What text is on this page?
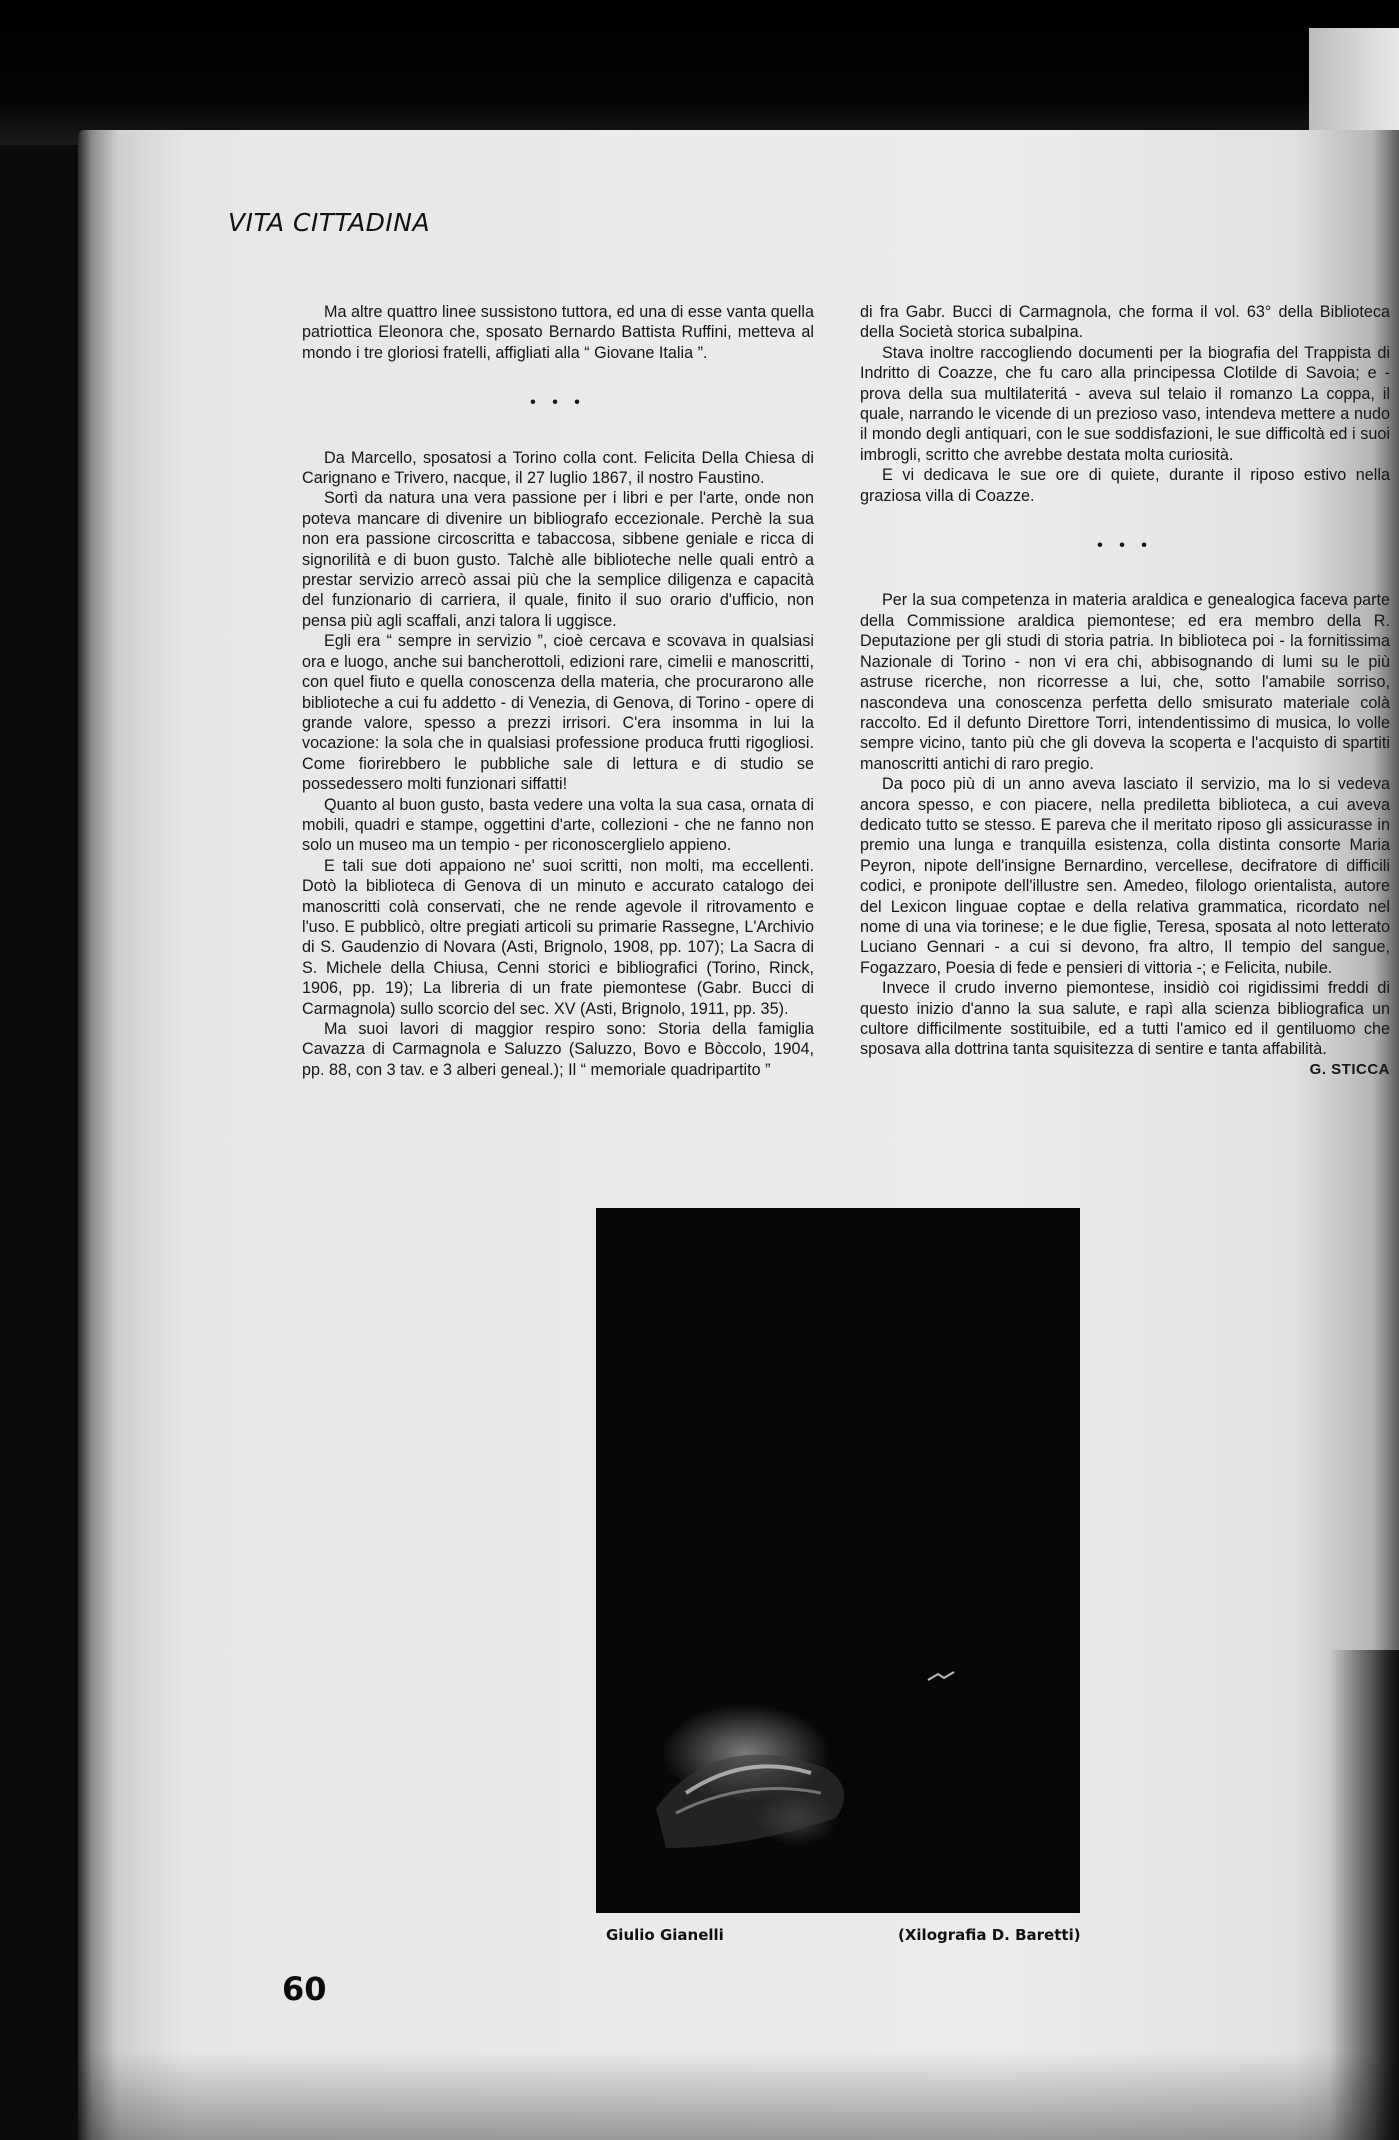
VITA CITTADINA

Ma altre quattro linee sussistono tuttora, ed una di esse vanta quella patriottica Eleonora che, sposato Bernardo Battista Ruffini, metteva al mondo i tre gloriosi fratelli, affigliati alla “ Giovane Italia ”.

• • •

Da Marcello, sposatosi a Torino colla cont. Felicita Della Chiesa di Carignano e Trivero, nacque, il 27 luglio 1867, il nostro Faustino.

Sortì da natura una vera passione per i libri e per l'arte, onde non poteva mancare di divenire un bibliografo eccezionale. Perchè la sua non era passione circoscritta e tabaccosa, sibbene geniale e ricca di signorilità e di buon gusto. Talchè alle biblioteche nelle quali entrò a prestar servizio arrecò assai più che la semplice diligenza e capacità del funzionario di carriera, il quale, finito il suo orario d'ufficio, non pensa più agli scaffali, anzi talora li uggisce.

Egli era “ sempre in servizio ”, cioè cercava e scovava in qualsiasi ora e luogo, anche sui bancherottoli, edizioni rare, cimelii e manoscritti, con quel fiuto e quella conoscenza della materia, che procurarono alle biblioteche a cui fu addetto - di Venezia, di Genova, di Torino - opere di grande valore, spesso a prezzi irrisori. C'era insomma in lui la vocazione: la sola che in qualsiasi professione produca frutti rigogliosi. Come fiorirebbero le pubbliche sale di lettura e di studio se possedessero molti funzionari siffatti!

Quanto al buon gusto, basta vedere una volta la sua casa, ornata di mobili, quadri e stampe, oggettini d'arte, collezioni - che ne fanno non solo un museo ma un tempio - per riconoscerglielo appieno.

E tali sue doti appaiono ne' suoi scritti, non molti, ma eccellenti. Dotò la biblioteca di Genova di un minuto e accurato catalogo dei manoscritti colà conservati, che ne rende agevole il ritrovamento e l'uso. E pubblicò, oltre pregiati articoli su primarie Rassegne, L'Archivio di S. Gaudenzio di Novara (Asti, Brignolo, 1908, pp. 107); La Sacra di S. Michele della Chiusa, Cenni storici e bibliografici (Torino, Rinck, 1906, pp. 19); La libreria di un frate piemontese (Gabr. Bucci di Carmagnola) sullo scorcio del sec. XV (Asti, Brignolo, 1911, pp. 35).

Ma suoi lavori di maggior respiro sono: Storia della famiglia Cavazza di Carmagnola e Saluzzo (Saluzzo, Bovo e Bòccolo, 1904, pp. 88, con 3 tav. e 3 alberi geneal.); Il “ memoriale quadripartito ”

di fra Gabr. Bucci di Carmagnola, che forma il vol. 63° della Biblioteca della Società storica subalpina.

Stava inoltre raccogliendo documenti per la biografia del Trappista di Indritto di Coazze, che fu caro alla principessa Clotilde di Savoia; e - prova della sua multilateritá - aveva sul telaio il romanzo La coppa, il quale, narrando le vicende di un prezioso vaso, intendeva mettere a nudo il mondo degli antiquari, con le sue soddisfazioni, le sue difficoltà ed i suoi imbrogli, scritto che avrebbe destata molta curiosità.

E vi dedicava le sue ore di quiete, durante il riposo estivo nella graziosa villa di Coazze.

• • •

Per la sua competenza in materia araldica e genealogica faceva parte della Commissione araldica piemontese; ed era membro della R. Deputazione per gli studi di storia patria. In biblioteca poi - la fornitissima Nazionale di Torino - non vi era chi, abbisognando di lumi su le più astruse ricerche, non ricorresse a lui, che, sotto l'amabile sorriso, nascondeva una conoscenza perfetta dello smisurato materiale colà raccolto. Ed il defunto Direttore Torri, intendentissimo di musica, lo volle sempre vicino, tanto più che gli doveva la scoperta e l'acquisto di spartiti manoscritti antichi di raro pregio.

Da poco più di un anno aveva lasciato il servizio, ma lo si vedeva ancora spesso, e con piacere, nella prediletta biblioteca, a cui aveva dedicato tutto se stesso. E pareva che il meritato riposo gli assicurasse in premio una lunga e tranquilla esistenza, colla distinta consorte Maria Peyron, nipote dell'insigne Bernardino, vercellese, decifratore di difficili codici, e pronipote dell'illustre sen. Amedeo, filologo orientalista, autore del Lexicon linguae coptae e della relativa grammatica, ricordato nel nome di una via torinese; e le due figlie, Teresa, sposata al noto letterato Luciano Gennari - a cui si devono, fra altro, Il tempio del sangue, Fogazzaro, Poesia di fede e pensieri di vittoria -; e Felicita, nubile.

Invece il crudo inverno piemontese, insidiò coi rigidissimi freddi di questo inizio d'anno la sua salute, e rapì alla scienza bibliografica un cultore difficilmente sostituibile, ed a tutti l'amico ed il gentiluomo che sposava alla dottrina tanta squisitezza di sentire e tanta affabilità.

G. STICCA

Giulio Gianelli	(Xilografia D. Baretti)
60
